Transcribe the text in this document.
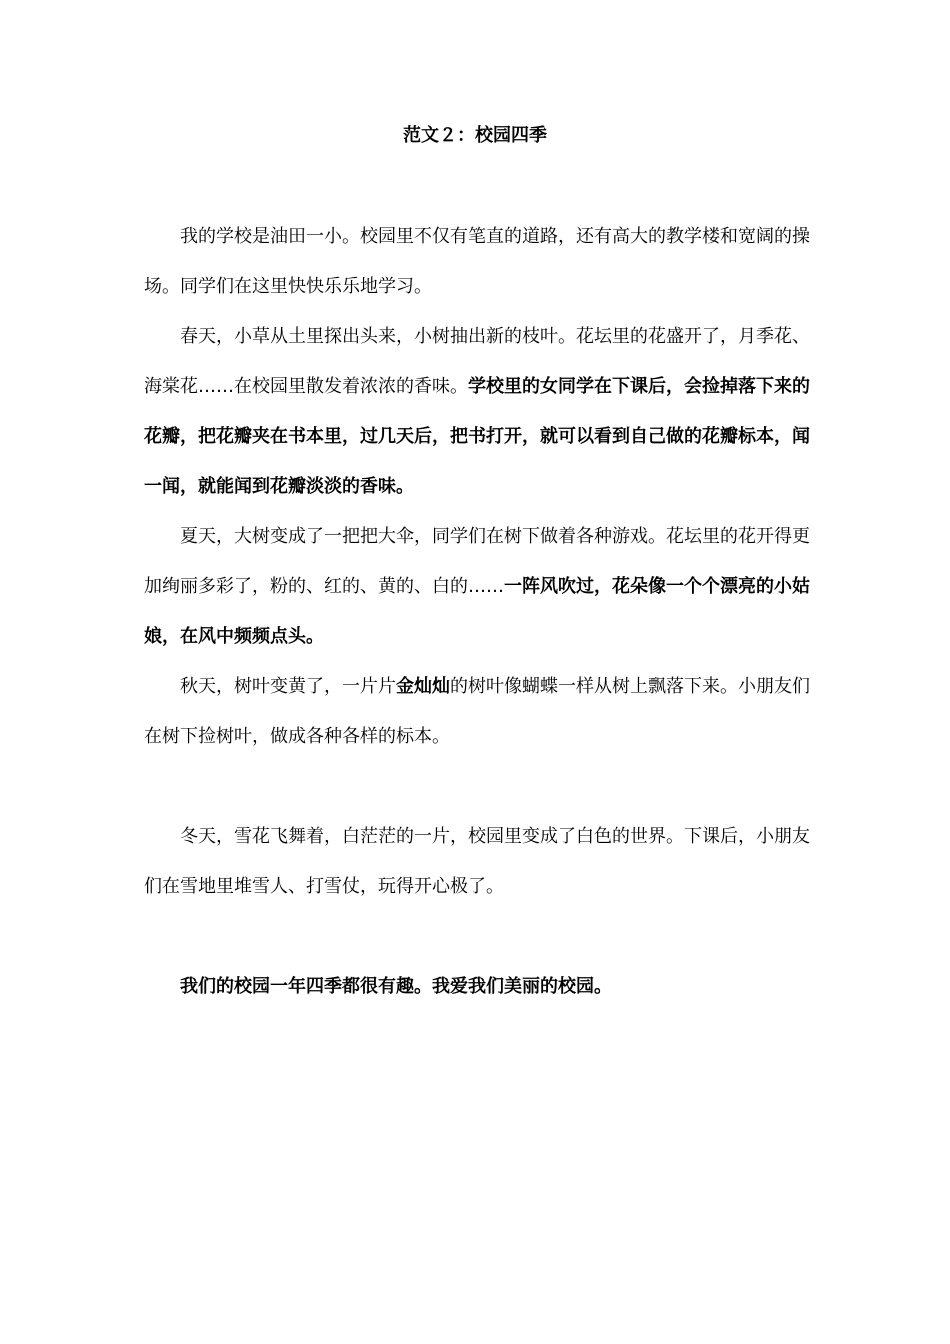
范文２：校园四季

我的学校是油田一小。校园里不仅有笔直的道路，还有高大的教学楼和宽阔的操场。同学们在这里快快乐乐地学习。

春天，小草从土里探出头来，小树抽出新的枝叶。花坛里的花盛开了，月季花、海棠花……在校园里散发着浓浓的香味。学校里的女同学在下课后，会捡掉落下来的花瓣，把花瓣夹在书本里，过几天后，把书打开，就可以看到自己做的花瓣标本，闻一闻，就能闻到花瓣淡淡的香味。

夏天，大树变成了一把把大伞，同学们在树下做着各种游戏。花坛里的花开得更加绚丽多彩了，粉的、红的、黄的、白的……一阵风吹过，花朵像一个个漂亮的小姑娘，在风中频频点头。

秋天，树叶变黄了，一片片金灿灿的树叶像蝴蝶一样从树上飘落下来。小朋友们在树下捡树叶，做成各种各样的标本。

冬天，雪花飞舞着，白茫茫的一片，校园里变成了白色的世界。下课后，小朋友们在雪地里堆雪人、打雪仗，玩得开心极了。

我们的校园一年四季都很有趣。我爱我们美丽的校园。
